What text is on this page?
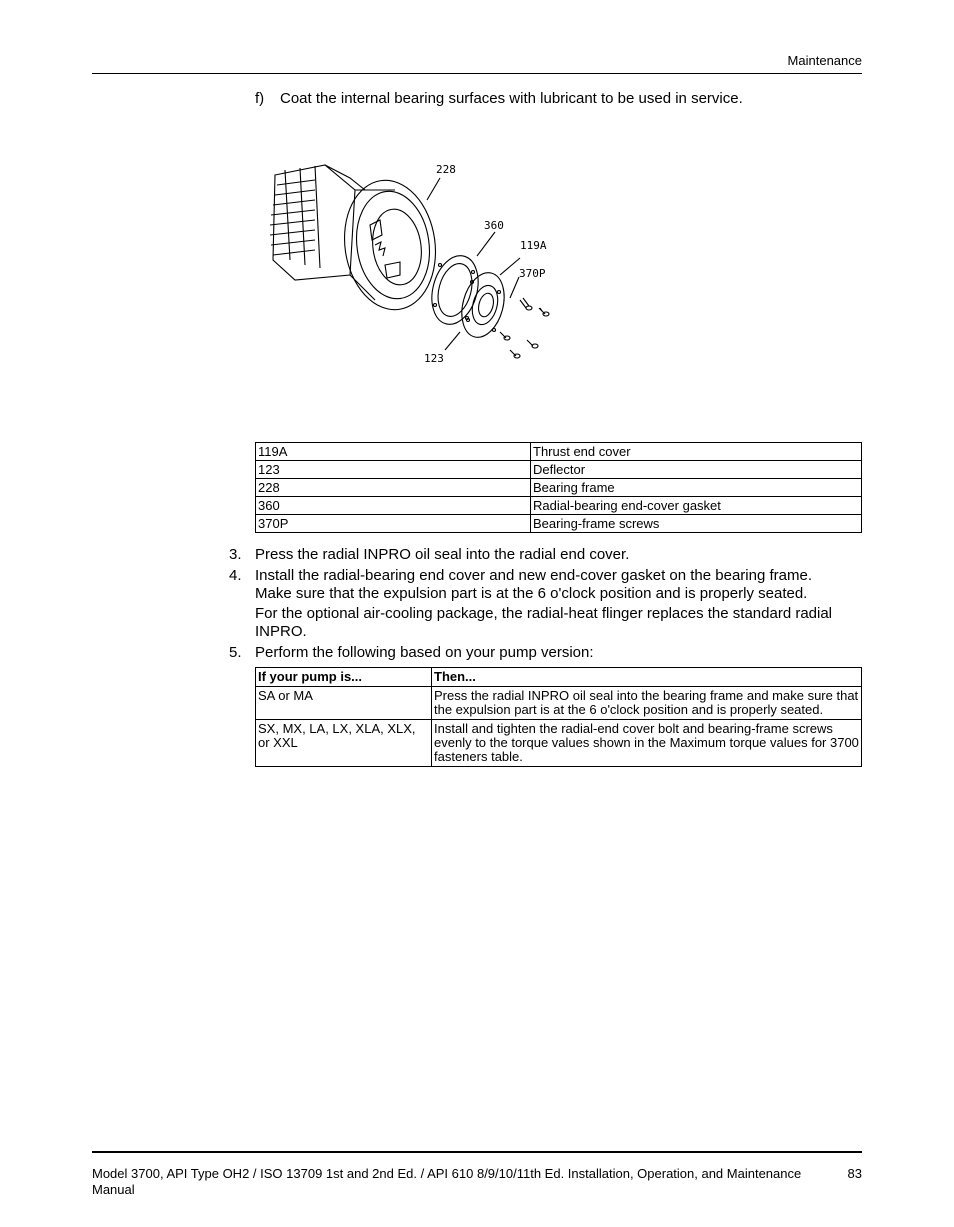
Maintenance
f) Coat the internal bearing surfaces with lubricant to be used in service.
228
360
119A
370P
123
119A	Thrust end cover
123	Deflector
228	Bearing frame
360	Radial-bearing end-cover gasket
370P	Bearing-frame screws
3. Press the radial INPRO oil seal into the radial end cover.

4. Install the radial-bearing end cover and new end-cover gasket on the bearing frame. Make sure that the expulsion part is at the 6 o'clock position and is properly seated.

For the optional air-cooling package, the radial-heat flinger replaces the standard radial INPRO.

5. Perform the following based on your pump version:

If your pump is...	Then...
SA or MA	Press the radial INPRO oil seal into the bearing frame and make sure that the expulsion part is at the 6 o'clock position and is properly seated.
SX, MX, LA, LX, XLA, XLX, or XXL	Install and tighten the radial-end cover bolt and bearing-frame screws evenly to the torque values shown in the Maximum torque values for 3700 fasteners table.
Model 3700, API Type OH2 / ISO 13709 1st and 2nd Ed. / API 610 8/9/10/11th Ed. Installation, Operation, and Maintenance Manual
83
